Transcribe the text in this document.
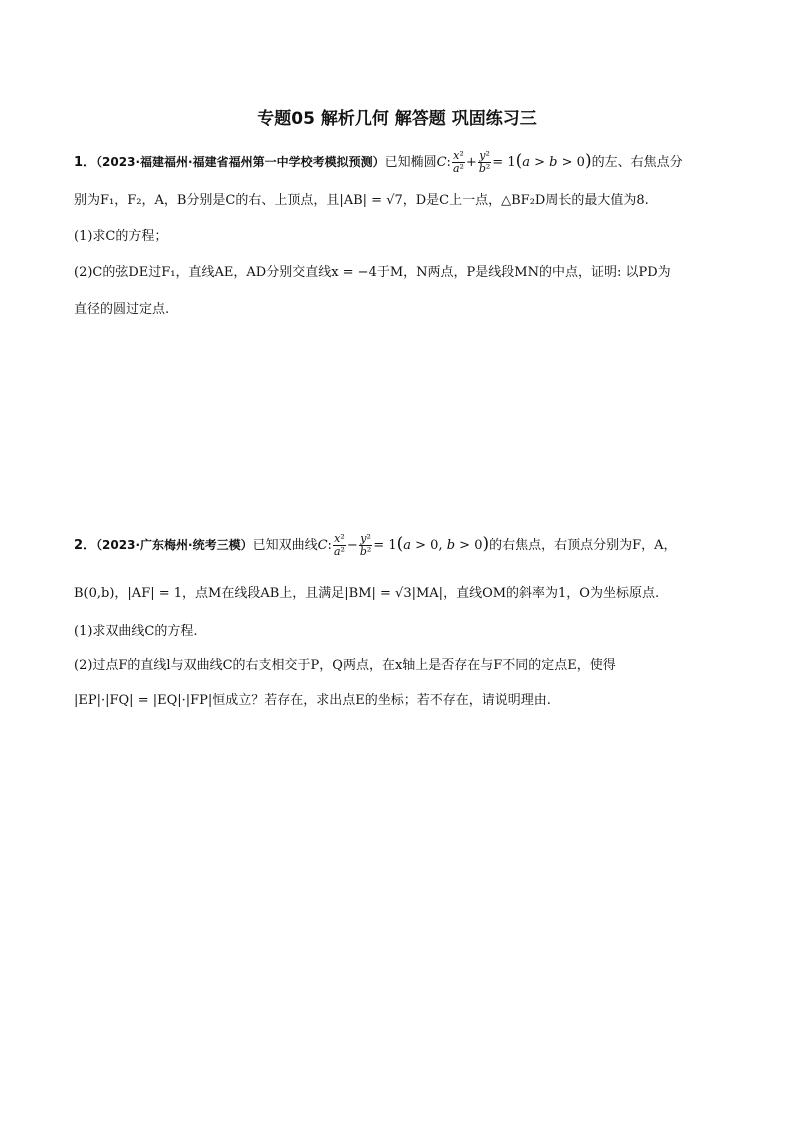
专题05 解析几何 解答题 巩固练习三
1．（2023·福建福州·福建省福州第一中学校考模拟预测）已知椭圆C: $\frac{\text{x²}}{\text{a²}} + \frac{\text{y²}}{\text{b²}} = 1(a > b > 0)$的左、右焦点分
别为F₁，F₂，A，B分别是C的右、上顶点，且|AB| = √7，D是C上一点，△BF₂D周长的最大值为8.
(1)求C的方程；
(2)C的弦DE过F₁，直线AE，AD分别交直线x = −4于M，N两点，P是线段MN的中点，证明: 以PD为
直径的圆过定点.
2．（2023·广东梅州·统考三模）已知双曲线C: $\frac{\text{x²}}{\text{a²}} - \frac{\text{y²}}{\text{b²}} = 1(a > 0$, b > 0)的右焦点，右顶点分别为F，A，
B(0,b)，|AF| = 1，点M在线段AB上，且满足|BM| = √3|MA|，直线OM的斜率为1，O为坐标原点.
(1)求双曲线C的方程.
(2)过点F的直线l与双曲线C的右支相交于P，Q两点，在x轴上是否存在与F不同的定点E，使得
|EP|·|FQ| = |EQ|·|FP|恒成立？若存在，求出点E的坐标；若不存在，请说明理由.
